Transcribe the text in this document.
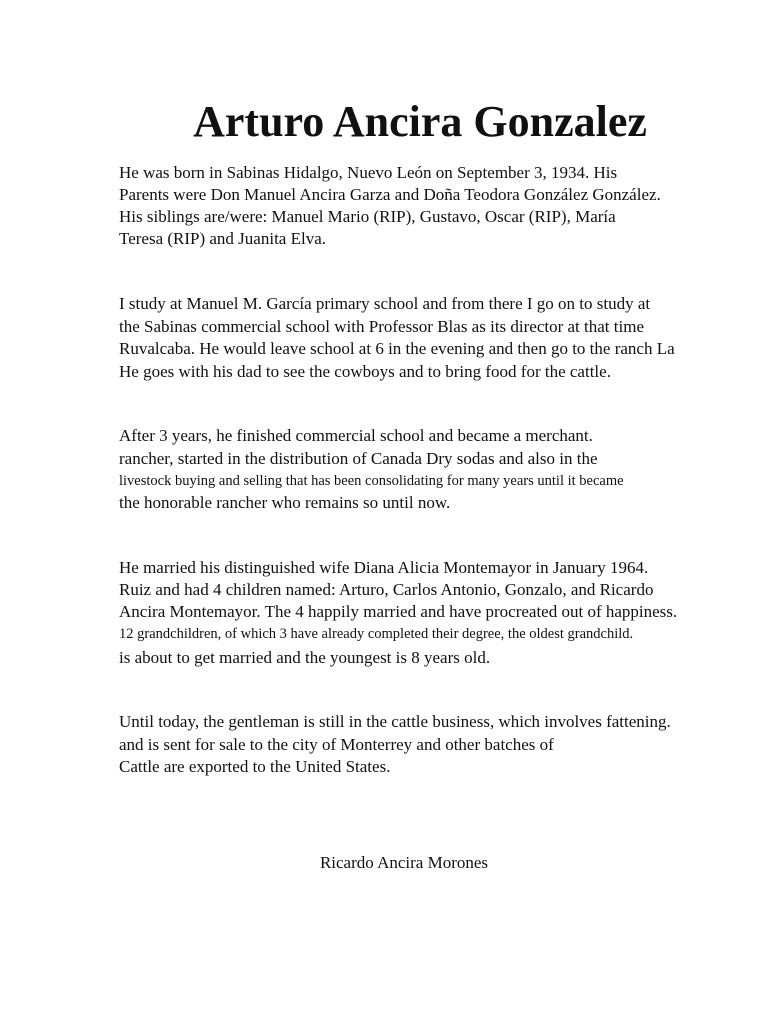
Arturo Ancira Gonzalez
He was born in Sabinas Hidalgo, Nuevo León on September 3, 1934. His
Parents were Don Manuel Ancira Garza and Doña Teodora González González.
His siblings are/were: Manuel Mario (RIP), Gustavo, Oscar (RIP), María
Teresa (RIP) and Juanita Elva.
I study at Manuel M. García primary school and from there I go on to study at
the Sabinas commercial school with Professor Blas as its director at that time
Ruvalcaba. He would leave school at 6 in the evening and then go to the ranch La
He goes with his dad to see the cowboys and to bring food for the cattle.
After 3 years, he finished commercial school and became a merchant.
rancher, started in the distribution of Canada Dry sodas and also in the
livestock buying and selling that has been consolidating for many years until it became
the honorable rancher who remains so until now.
He married his distinguished wife Diana Alicia Montemayor in January 1964.
Ruiz and had 4 children named: Arturo, Carlos Antonio, Gonzalo, and Ricardo
Ancira Montemayor. The 4 happily married and have procreated out of happiness.
12 grandchildren, of which 3 have already completed their degree, the oldest grandchild.
is about to get married and the youngest is 8 years old.
Until today, the gentleman is still in the cattle business, which involves fattening.
and is sent for sale to the city of Monterrey and other batches of
Cattle are exported to the United States.
Ricardo Ancira Morones
